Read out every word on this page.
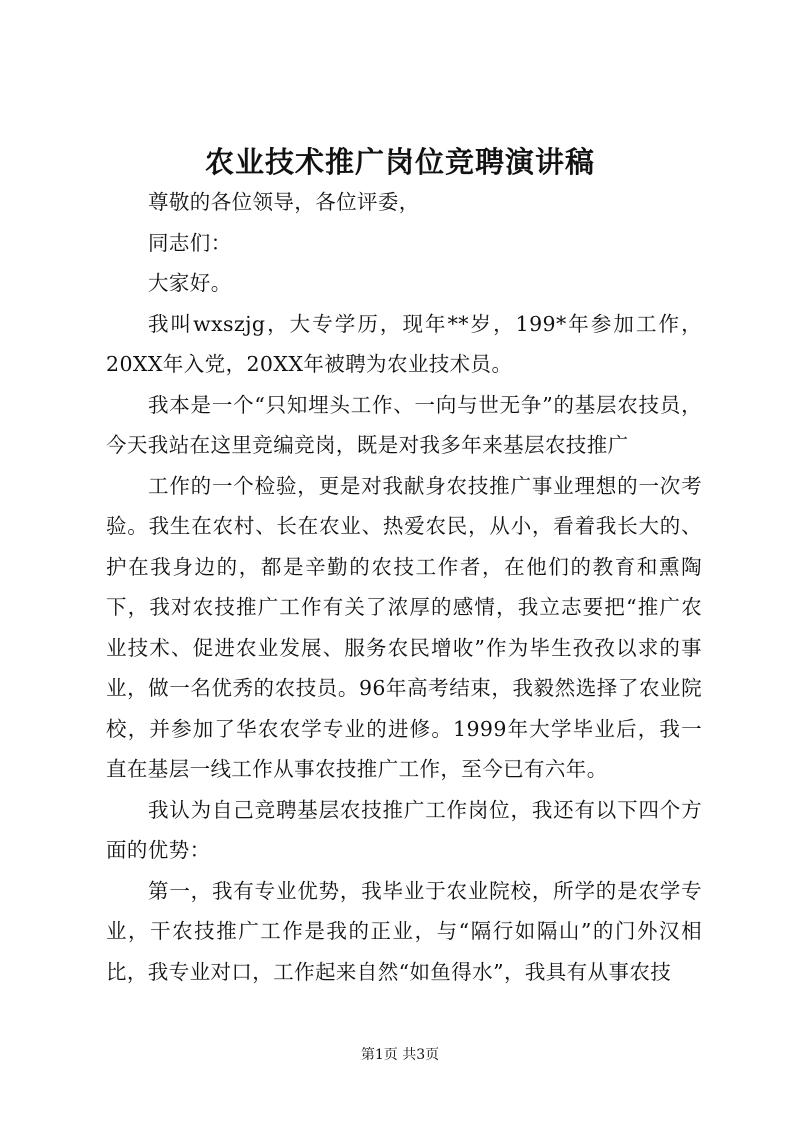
农业技术推广岗位竞聘演讲稿

尊敬的各位领导，各位评委，

同志们：

大家好。

我叫wxszjg，大专学历，现年**岁，199*年参加工作，20XX年入党，20XX年被聘为农业技术员。

我本是一个“只知埋头工作、一向与世无争”的基层农技员，今天我站在这里竞编竞岗，既是对我多年来基层农技推广

工作的一个检验，更是对我献身农技推广事业理想的一次考验。我生在农村、长在农业、热爱农民，从小，看着我长大的、护在我身边的，都是辛勤的农技工作者，在他们的教育和熏陶下，我对农技推广工作有关了浓厚的感情，我立志要把“推广农业技术、促进农业发展、服务农民增收”作为毕生孜孜以求的事业，做一名优秀的农技员。96年高考结束，我毅然选择了农业院校，并参加了华农农学专业的进修。1999年大学毕业后，我一直在基层一线工作从事农技推广工作，至今已有六年。

我认为自己竞聘基层农技推广工作岗位，我还有以下四个方面的优势：

第一，我有专业优势，我毕业于农业院校，所学的是农学专业，干农技推广工作是我的正业，与“隔行如隔山”的门外汉相比，我专业对口，工作起来自然“如鱼得水”，我具有从事农技

第1页 共3页
